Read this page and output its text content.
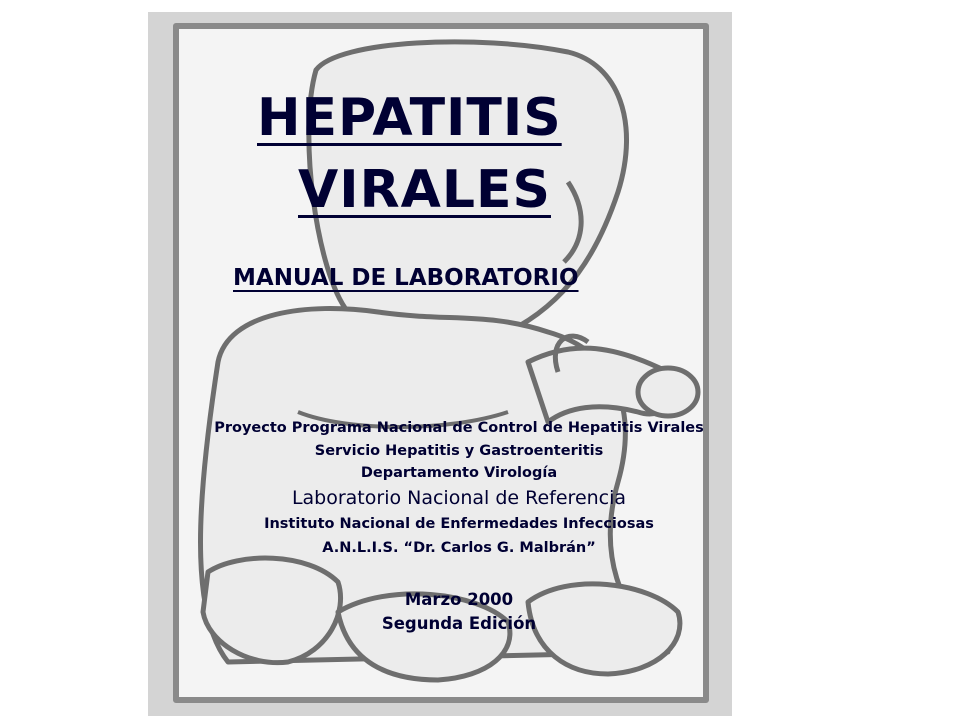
HEPATITIS
VIRALES
MANUAL DE LABORATORIO
Proyecto Programa Nacional de Control de Hepatitis Virales
Servicio Hepatitis y Gastroenteritis
Departamento Virología
Laboratorio Nacional de Referencia
Instituto Nacional de Enfermedades Infecciosas
A.N.L.I.S. “Dr. Carlos G. Malbrán”
Marzo 2000
Segunda Edición
